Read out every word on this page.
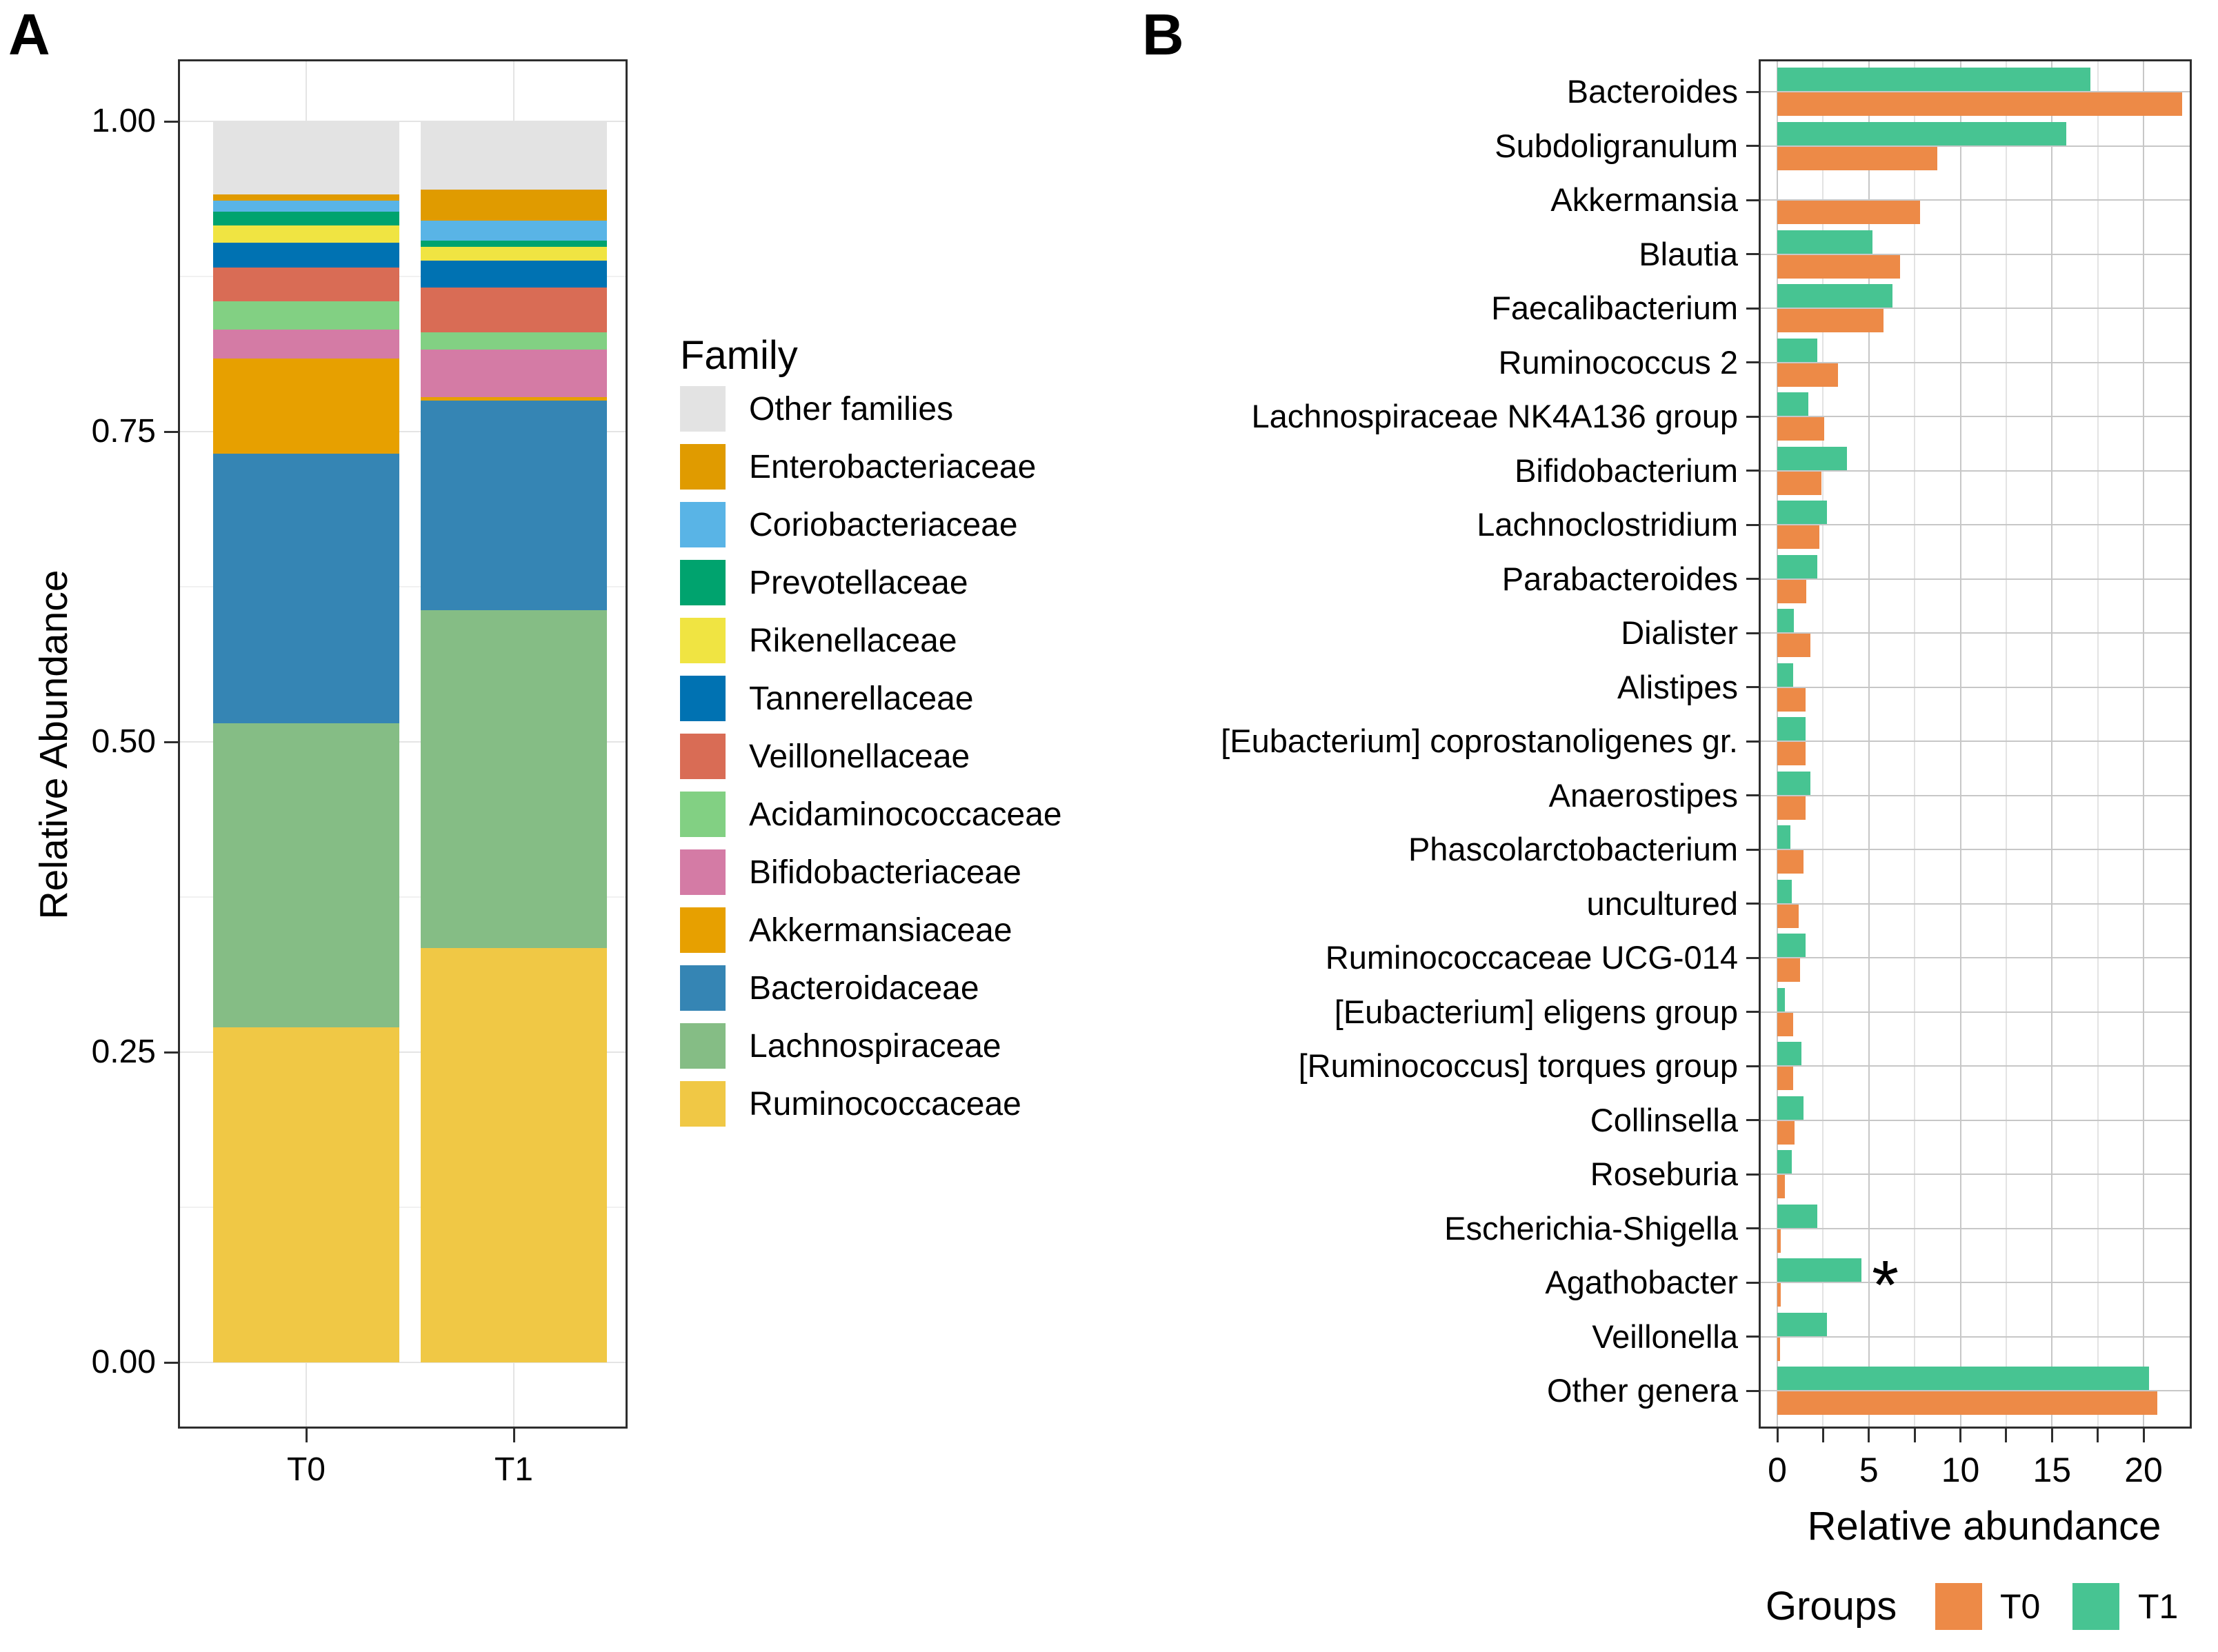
A	B
Relative Abundance
0.00
0.25
0.50
0.75
1.00
T0	T1
Family
Other families
Enterobacteriaceae
Coriobacteriaceae
Prevotellaceae
Rikenellaceae
Tannerellaceae
Veillonellaceae
Acidaminococcaceae
Bifidobacteriaceae
Akkermansiaceae
Bacteroidaceae
Lachnospiraceae
Ruminococcaceae
*
Bacteroides
Subdoligranulum
Akkermansia
Blautia
Faecalibacterium
Ruminococcus 2
Lachnospiraceae NK4A136 group
Bifidobacterium
Lachnoclostridium
Parabacteroides
Dialister
Alistipes
[Eubacterium] coprostanoligenes gr.
Anaerostipes
Phascolarctobacterium
uncultured
Ruminococcaceae UCG-014
[Eubacterium] eligens group
[Ruminococcus] torques group
Collinsella
Roseburia
Escherichia-Shigella
Agathobacter
Veillonella
Other genera
0	5	10	15	20
Relative abundance
Groups	T0	T1
